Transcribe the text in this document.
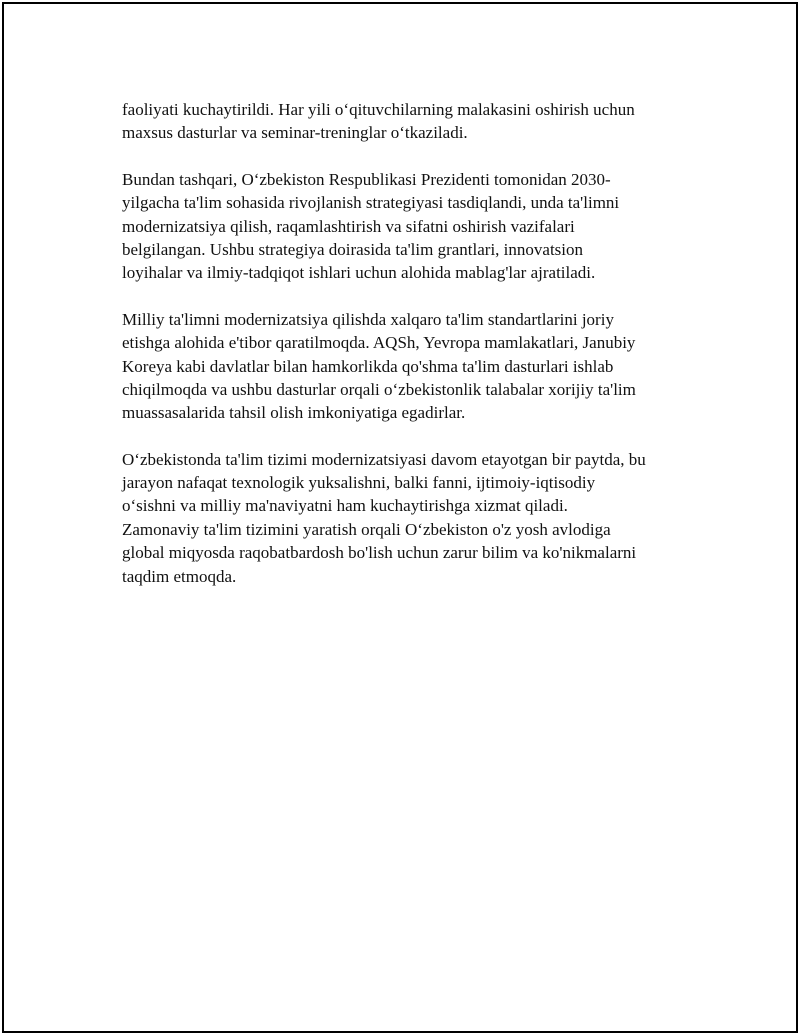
faoliyati kuchaytirildi. Har yili o‘qituvchilarning malakasini oshirish uchun
maxsus dasturlar va seminar-treninglar o‘tkaziladi.

Bundan tashqari, O‘zbekiston Respublikasi Prezidenti tomonidan 2030-
yilgacha ta'lim sohasida rivojlanish strategiyasi tasdiqlandi, unda ta'limni
modernizatsiya qilish, raqamlashtirish va sifatni oshirish vazifalari
belgilangan. Ushbu strategiya doirasida ta'lim grantlari, innovatsion
loyihalar va ilmiy-tadqiqot ishlari uchun alohida mablag'lar ajratiladi.

Milliy ta'limni modernizatsiya qilishda xalqaro ta'lim standartlarini joriy
etishga alohida e'tibor qaratilmoqda. AQSh, Yevropa mamlakatlari, Janubiy
Koreya kabi davlatlar bilan hamkorlikda qo'shma ta'lim dasturlari ishlab
chiqilmoqda va ushbu dasturlar orqali o‘zbekistonlik talabalar xorijiy ta'lim
muassasalarida tahsil olish imkoniyatiga egadirlar.

O‘zbekistonda ta'lim tizimi modernizatsiyasi davom etayotgan bir paytda, bu
jarayon nafaqat texnologik yuksalishni, balki fanni, ijtimoiy-iqtisodiy
o‘sishni va milliy ma'naviyatni ham kuchaytirishga xizmat qiladi.
Zamonaviy ta'lim tizimini yaratish orqali O‘zbekiston o'z yosh avlodiga
global miqyosda raqobatbardosh bo'lish uchun zarur bilim va ko'nikmalarni
taqdim etmoqda.
